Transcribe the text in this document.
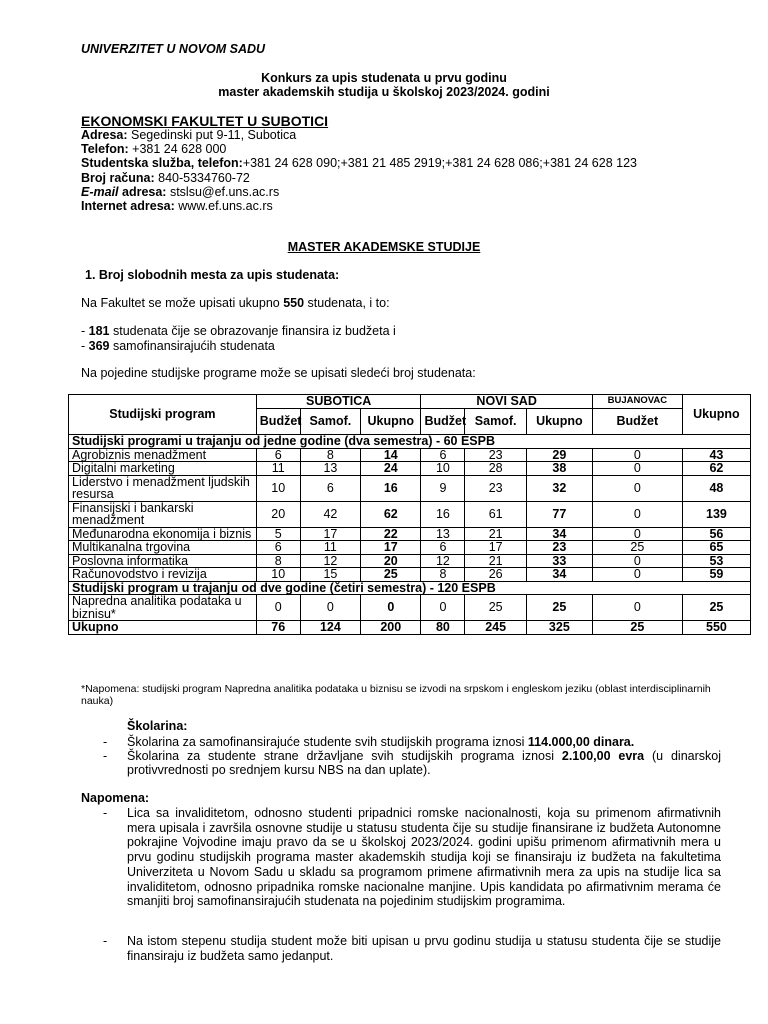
UNIVERZITET U NOVOM SADU
Konkurs za upis studenata u prvu godinu
master akademskih studija u školskoj 2023/2024. godini
EKONOMSKI FAKULTET U SUBOTICI
Adresa: Segedinski put 9-11, Subotica
Telefon: +381 24 628 000
Studentska služba, telefon:+381 24 628 090;+381 21 485 2919;+381 24 628 086;+381 24 628 123
Broj računa: 840-5334760-72
E-mail adresa: stslsu@ef.uns.ac.rs
Internet adresa: www.ef.uns.ac.rs
MASTER AKADEMSKE STUDIJE
1. Broj slobodnih mesta za upis studenata:
Na Fakultet se može upisati ukupno 550 studenata, i to:
- 181 studenata čije se obrazovanje finansira iz budžeta i
- 369 samofinansirajućih studenata
Na pojedine studijske programe može se upisati sledeći broj studenata:
Studijski program	SUBOTICA			NOVI SAD			BUJANOVAC	Ukupno
	Budžet	Samof.	Ukupno	Budžet	Samof.	Ukupno	Budžet	
Studijski programi u trajanju od jedne godine (dva semestra) - 60 ESPB								
Agrobiznis menadžment	6	8	14	6	23	29	0	43
Digitalni marketing	11	13	24	10	28	38	0	62
Liderstvo i menadžment ljudskih resursa	10	6	16	9	23	32	0	48
Finansijski i bankarski menadžment	20	42	62	16	61	77	0	139
Međunarodna ekonomija i biznis	5	17	22	13	21	34	0	56
Multikanalna trgovina	6	11	17	6	17	23	25	65
Poslovna informatika	8	12	20	12	21	33	0	53
Računovodstvo i revizija	10	15	25	8	26	34	0	59
Studijski program u trajanju od dve godine (četiri semestra) - 120 ESPB								
Napredna analitika podataka u biznisu*	0	0	0	0	25	25	0	25
Ukupno	76	124	200	80	245	325	25	550
*Napomena: studijski program Napredna analitika podataka u biznisu se izvodi na srpskom i engleskom jeziku (oblast interdisciplinarnih nauka)
Školarina:
- Školarina za samofinansirajuće studente svih studijskih programa iznosi 114.000,00 dinara.
- Školarina za studente strane državljane svih studijskih programa iznosi 2.100,00 evra (u dinarskoj protivvrednosti po srednjem kursu NBS na dan uplate).
Napomena:
- Lica sa invaliditetom, odnosno studenti pripadnici romske nacionalnosti, koja su primenom afirmativnih mera upisala i završila osnovne studije u statusu studenta čije su studije finansirane iz budžeta Autonomne pokrajine Vojvodine imaju pravo da se u školskoj 2023/2024. godini upišu primenom afirmativnih mera u prvu godinu studijskih programa master akademskih studija koji se finansiraju iz budžeta na fakultetima Univerziteta u Novom Sadu u skladu sa programom primene afirmativnih mera za upis na studije lica sa invaliditetom, odnosno pripadnika romske nacionalne manjine. Upis kandidata po afirmativnim merama će smanjiti broj samofinansirajućih studenata na pojedinim studijskim programima.
- Na istom stepenu studija student može biti upisan u prvu godinu studija u statusu studenta čije se studije finansiraju iz budžeta samo jedanput.
